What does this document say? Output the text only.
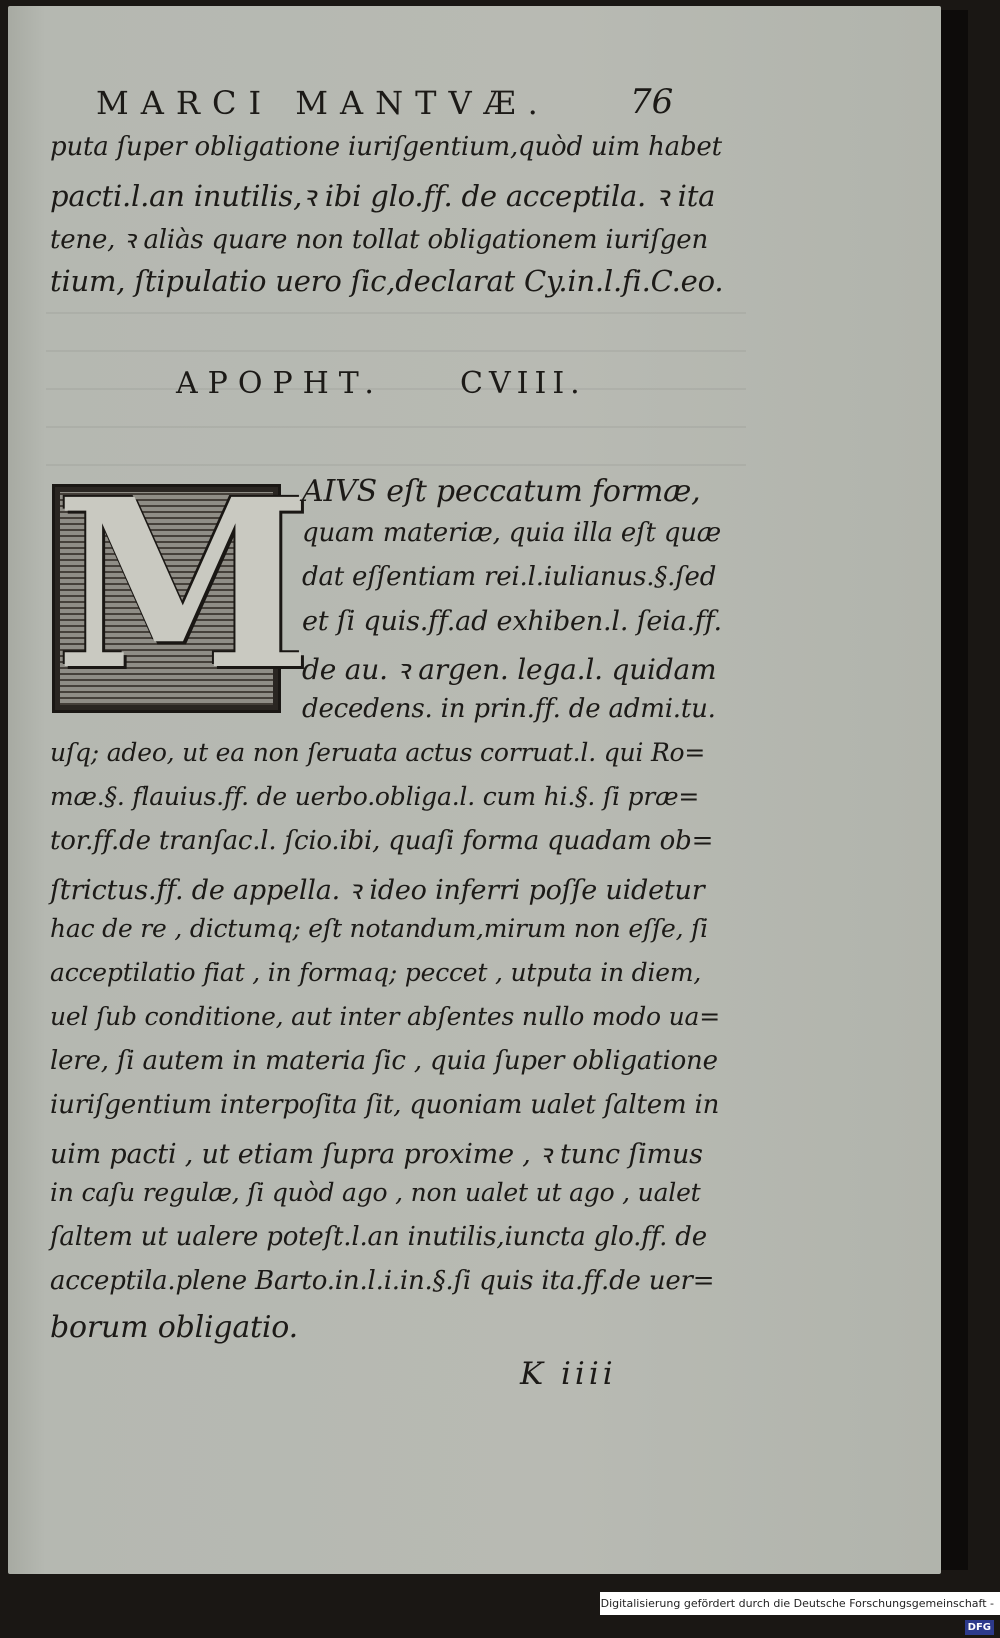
MARCI MANTVÆ. 76
puta ſuper obligatione iuriſgentium,quòd uim habet
pacti.l.an inutilis,ꝛ ibi glo.ff. de acceptila. ꝛ ita
tene, ꝛ aliàs quare non tollat obligationem iuriſgen
tium, ſtipulatio uero ſic,declarat Cy.in.l.fi.C.eo.
APOPHT.	CVIII.
M
AIVS eſt peccatum formæ,
quam materiæ, quia illa eſt quæ
dat eſſentiam rei.l.iulianus.§.ſed
et ſi quis.ff.ad exhiben.l. ſeia.ff.
de au. ꝛ argen. lega.l. quidam
decedens. in prin.ff. de admi.tu.
uſq; adeo, ut ea non ſeruata actus corruat.l. qui Ro=
mæ.§. flauius.ff. de uerbo.obliga.l. cum hi.§. ſi præ=
tor.ff.de tranſac.l. ſcio.ibi, quaſi forma quadam ob=
ſtrictus.ff. de appella. ꝛ ideo inferri poſſe uidetur
hac de re , dictumq; eſt notandum,mirum non eſſe, ſi
acceptilatio fiat , in formaq; peccet , utputa in diem,
uel ſub conditione, aut inter abſentes nullo modo ua=
lere, ſi autem in materia ſic , quia ſuper obligatione
iuriſgentium interpoſita ſit, quoniam ualet ſaltem in
uim pacti , ut etiam ſupra proxime , ꝛ tunc ſimus
in caſu regulæ, ſi quòd ago , non ualet ut ago , ualet
ſaltem ut ualere poteſt.l.an inutilis,iuncta glo.ff. de
acceptila.plene Barto.in.l.i.in.§.ſi quis ita.ff.de uer=
borum obligatio.
K iiii
Digitalisierung gefördert durch die Deutsche Forschungsgemeinschaft -DFG
